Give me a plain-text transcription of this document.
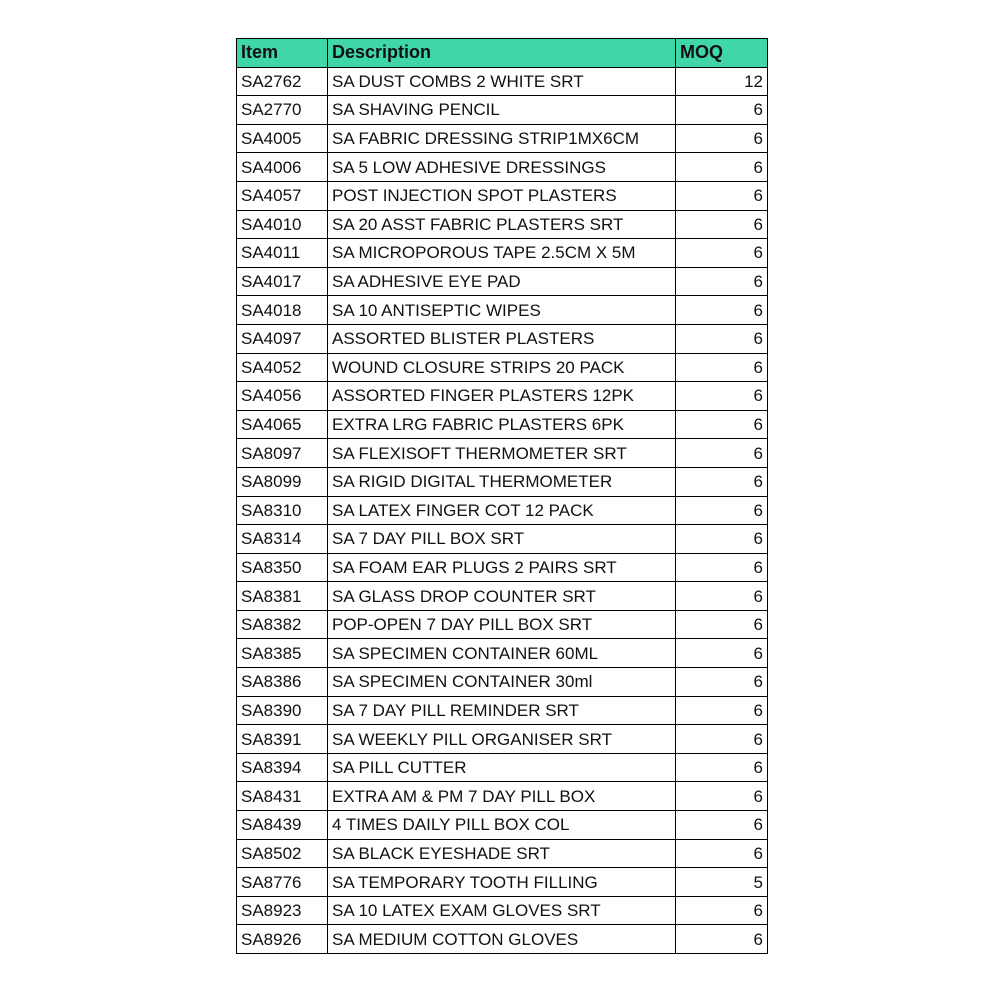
Item	Description	MOQ
SA2762	SA DUST COMBS 2 WHITE SRT	12
SA2770	SA SHAVING PENCIL	6
SA4005	SA FABRIC DRESSING STRIP1MX6CM	6
SA4006	SA 5 LOW ADHESIVE DRESSINGS	6
SA4057	POST INJECTION SPOT PLASTERS	6
SA4010	SA 20 ASST FABRIC PLASTERS SRT	6
SA4011	SA MICROPOROUS TAPE 2.5CM X 5M	6
SA4017	SA ADHESIVE EYE PAD	6
SA4018	SA 10 ANTISEPTIC WIPES	6
SA4097	ASSORTED BLISTER PLASTERS	6
SA4052	WOUND CLOSURE STRIPS 20 PACK	6
SA4056	ASSORTED FINGER PLASTERS 12PK	6
SA4065	EXTRA LRG FABRIC PLASTERS 6PK	6
SA8097	SA FLEXISOFT THERMOMETER SRT	6
SA8099	SA RIGID DIGITAL THERMOMETER	6
SA8310	SA LATEX FINGER COT 12 PACK	6
SA8314	SA 7 DAY PILL BOX SRT	6
SA8350	SA FOAM EAR PLUGS 2 PAIRS SRT	6
SA8381	SA GLASS DROP COUNTER SRT	6
SA8382	POP-OPEN 7 DAY PILL BOX SRT	6
SA8385	SA SPECIMEN CONTAINER 60ML	6
SA8386	SA SPECIMEN CONTAINER 30ml	6
SA8390	SA 7 DAY PILL REMINDER SRT	6
SA8391	SA WEEKLY PILL ORGANISER SRT	6
SA8394	SA PILL CUTTER	6
SA8431	EXTRA AM & PM 7 DAY PILL BOX	6
SA8439	4 TIMES DAILY PILL BOX COL	6
SA8502	SA BLACK EYESHADE SRT	6
SA8776	SA TEMPORARY TOOTH FILLING	5
SA8923	SA 10 LATEX EXAM GLOVES SRT	6
SA8926	SA MEDIUM COTTON GLOVES	6
